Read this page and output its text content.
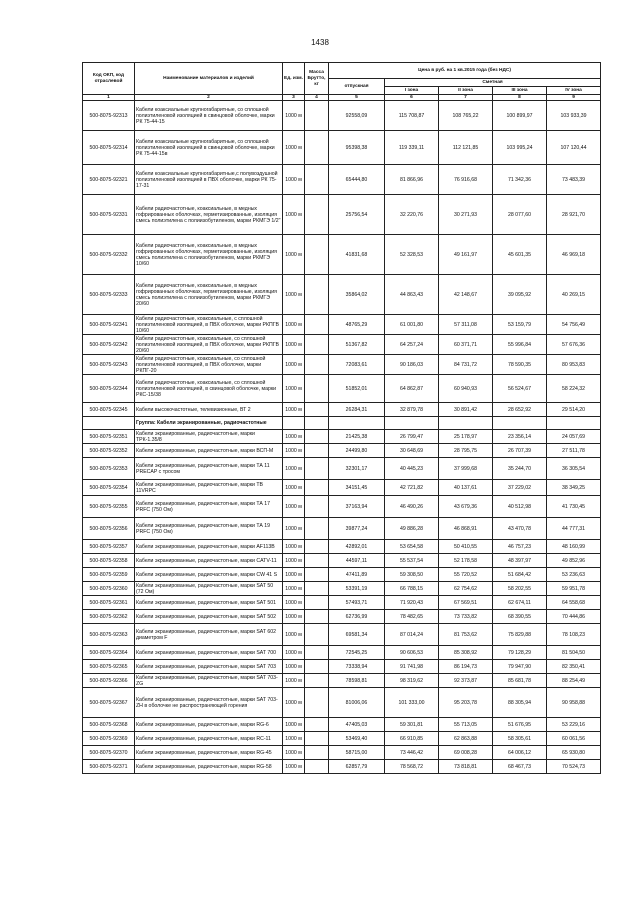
1438
Код ОКП, код отраслевой	Наименование материалов и изделий	Ед. изм.	Масса Брутто, кг	Цена в руб. на 1 кв.2015 года (без НДС)				
				отпускная	Сметная			
					I зона	II зона	III зона	IV зона
1	2	3	4	5	6	7	8	9
500-8075-92313	Кабели коаксиальные крупногабаритные, со сплошной полиэтиленовой изоляцией в свинцовой оболочке, марки РК 75-44-15	1000 м		92558,09	115 708,87	108 765,22	100 899,97	103 933,39
500-8075-92314	Кабели коаксиальные крупногабаритные, со сплошной полиэтиленовой изоляцией в свинцовой оболочке, марки РК 75-44-15в	1000 м		95398,38	119 339,11	112 121,85	103 995,24	107 120,44
500-8075-92321	Кабели коаксиальные крупногабаритные,с полувоздушной полиэтиленовой изоляцией в ПВХ оболочке, марки РК 75-17-31	1000 м		65444,80	81 866,96	76 916,68	71 342,36	73 483,39
500-8075-92331	Кабели радиочастотные, коаксиальные, в медных гофрированных оболочках, герметизированные, изоляция смесь полиэтилена с полиизобутиленом, марки РКМГЭ 1/2"	1000 м		25756,54	32 220,76	30 271,93	28 077,60	28 921,70
500-8075-92332	Кабели радиочастотные, коаксиальные, в медных гофрированных оболочках, герметизированные, изоляция смесь полиэтилена с полиизобутиленом, марки РКМГЭ 10/60	1000 м		41831,68	52 328,53	49 161,97	45 601,35	46 969,18
500-8075-92333	Кабели радиочастотные, коаксиальные, в медных гофрированных оболочках, герметизированные, изоляция смесь полиэтилена с полиизобутиленом, марки РКМГЭ 20/60	1000 м		35864,02	44 863,43	42 148,67	39 095,92	40 269,15
500-8075-92341	Кабели радиочастотные, коаксиальные, с сплошной полиэтиленовой изоляцией, в ПВХ оболочке, марки РКПГВ 10/60	1000 м		48765,29	61 001,80	57 311,08	53 159,79	54 756,49
500-8075-92342	Кабели радиочастотные, коаксиальные, со сплошной полиэтиленовой изоляцией, в ПВХ оболочке, марки РКПГВ 20/60	1000 м		51367,82	64 257,24	60 371,71	55 996,84	57 676,36
500-8075-92343	Кабели радиочастотные, коаксиальные, со сплошной полиэтиленовой изоляцией, в ПВХ оболочке, марки РКПГ-20	1000 м		72083,61	90 186,03	84 731,72	78 590,35	80 953,83
500-8075-92344	Кабели радиочастотные, коаксиальные, со сплошной полиэтиленовой изоляцией, в свинцовой оболочке, марки РКС-15/38	1000 м		51852,01	64 862,87	60 940,93	56 524,67	58 224,32
500-8075-92345	Кабели высокочастотные, телевизионные, ВТ 2	1000 м		26284,31	32 879,78	30 891,42	28 652,92	29 514,20
	Группа: Кабели экранированные, радиочастотные							
500-8075-92351	Кабели экранированные, радиочастотные, марки ТРК-1.35/8	1000 м		21425,38	26 799,47	25 178,97	23 356,14	24 057,69
500-8075-92352	Кабели экранированные, радиочастотные, марки ВСП-М	1000 м		24499,80	30 648,69	28 795,75	26 707,39	27 511,78
500-8075-92353	Кабели экранированные, радиочастотные, марки ТА 11 PRECAP с тросом	1000 м		32301,17	40 445,23	37 999,68	35 244,70	36 305,54
500-8075-92354	Кабели экранированные, радиочастотные, марки ТВ 11VRPC	1000 м		34151,45	42 721,82	40 137,61	37 229,02	38 349,25
500-8075-92355	Кабели экранированные, радиочастотные, марки ТА 17 PRFC (750 Ом)	1000 м		37163,94	46 490,26	43 679,36	40 512,98	41 730,45
500-8075-92356	Кабели экранированные, радиочастотные, марки ТА 19 PRFC (750 Ом)	1000 м		39877,24	49 886,28	46 868,91	43 470,78	44 777,31
500-8075-92357	Кабели экранированные, радиочастотные, марки AF113B	1000 м		42892,01	53 654,58	50 410,55	46 757,23	48 160,99
500-8075-92358	Кабели экранированные, радиочастотные, марки CATV-11	1000 м		44597,11	55 537,54	52 178,58	48 397,97	49 852,96
500-8075-92359	Кабели экранированные, радиочастотные, марки CW 41 S	1000 м		47411,89	59 308,50	55 720,52	51 684,42	53 236,63
500-8075-92360	Кабели экранированные, радиочастотные, марки SAT 50 (72 Ом)	1000 м		53391,19	66 788,15	62 754,62	58 202,55	59 951,78
500-8075-92361	Кабели экранированные, радиочастотные, марки SAT 501	1000 м		57493,71	71 920,43	67 569,51	62 674,11	64 558,68
500-8075-92362	Кабели экранированные, радиочастотные, марки SAT 502	1000 м		62736,99	78 482,65	73 733,82	68 390,55	70 444,86
500-8075-92363	Кабели экранированные, радиочастотные, марки SAT 602 диаметром F	1000 м		69581,34	87 014,24	81 753,62	75 829,88	78 108,23
500-8075-92364	Кабели экранированные, радиочастотные, марки SAT 700	1000 м		72545,25	90 606,53	85 308,92	79 128,29	81 504,50
500-8075-92365	Кабели экранированные, радиочастотные, марки SAT 703	1000 м		73338,94	91 741,98	86 194,73	79 947,90	82 350,41
500-8075-92366	Кабели экранированные, радиочастотные, марки SAT 703-ZG	1000 м		78598,81	98 319,62	92 373,87	85 681,78	88 254,49
500-8075-92367	Кабели экранированные, радиочастотные, марки SAT 703-ZH в оболочке не распространяющей горения	1000 м		81006,06	101 333,00	95 203,78	88 305,94	90 958,88
500-8075-92368	Кабели экранированные, радиочастотные, марки RG-6	1000 м		47405,03	59 301,81	55 713,05	51 676,95	53 229,16
500-8075-92369	Кабели экранированные, радиочастотные, марки RC-11	1000 м		53469,40	66 910,85	62 863,88	58 305,61	60 061,56
500-8075-92370	Кабели экранированные, радиочастотные, марки RG-45	1000 м		58715,00	73 446,42	69 008,28	64 006,12	65 930,80
500-8075-92371	Кабели экранированные, радиочастотные, марки RG-58	1000 м		62857,79	78 568,72	73 818,81	68 467,73	70 524,73
